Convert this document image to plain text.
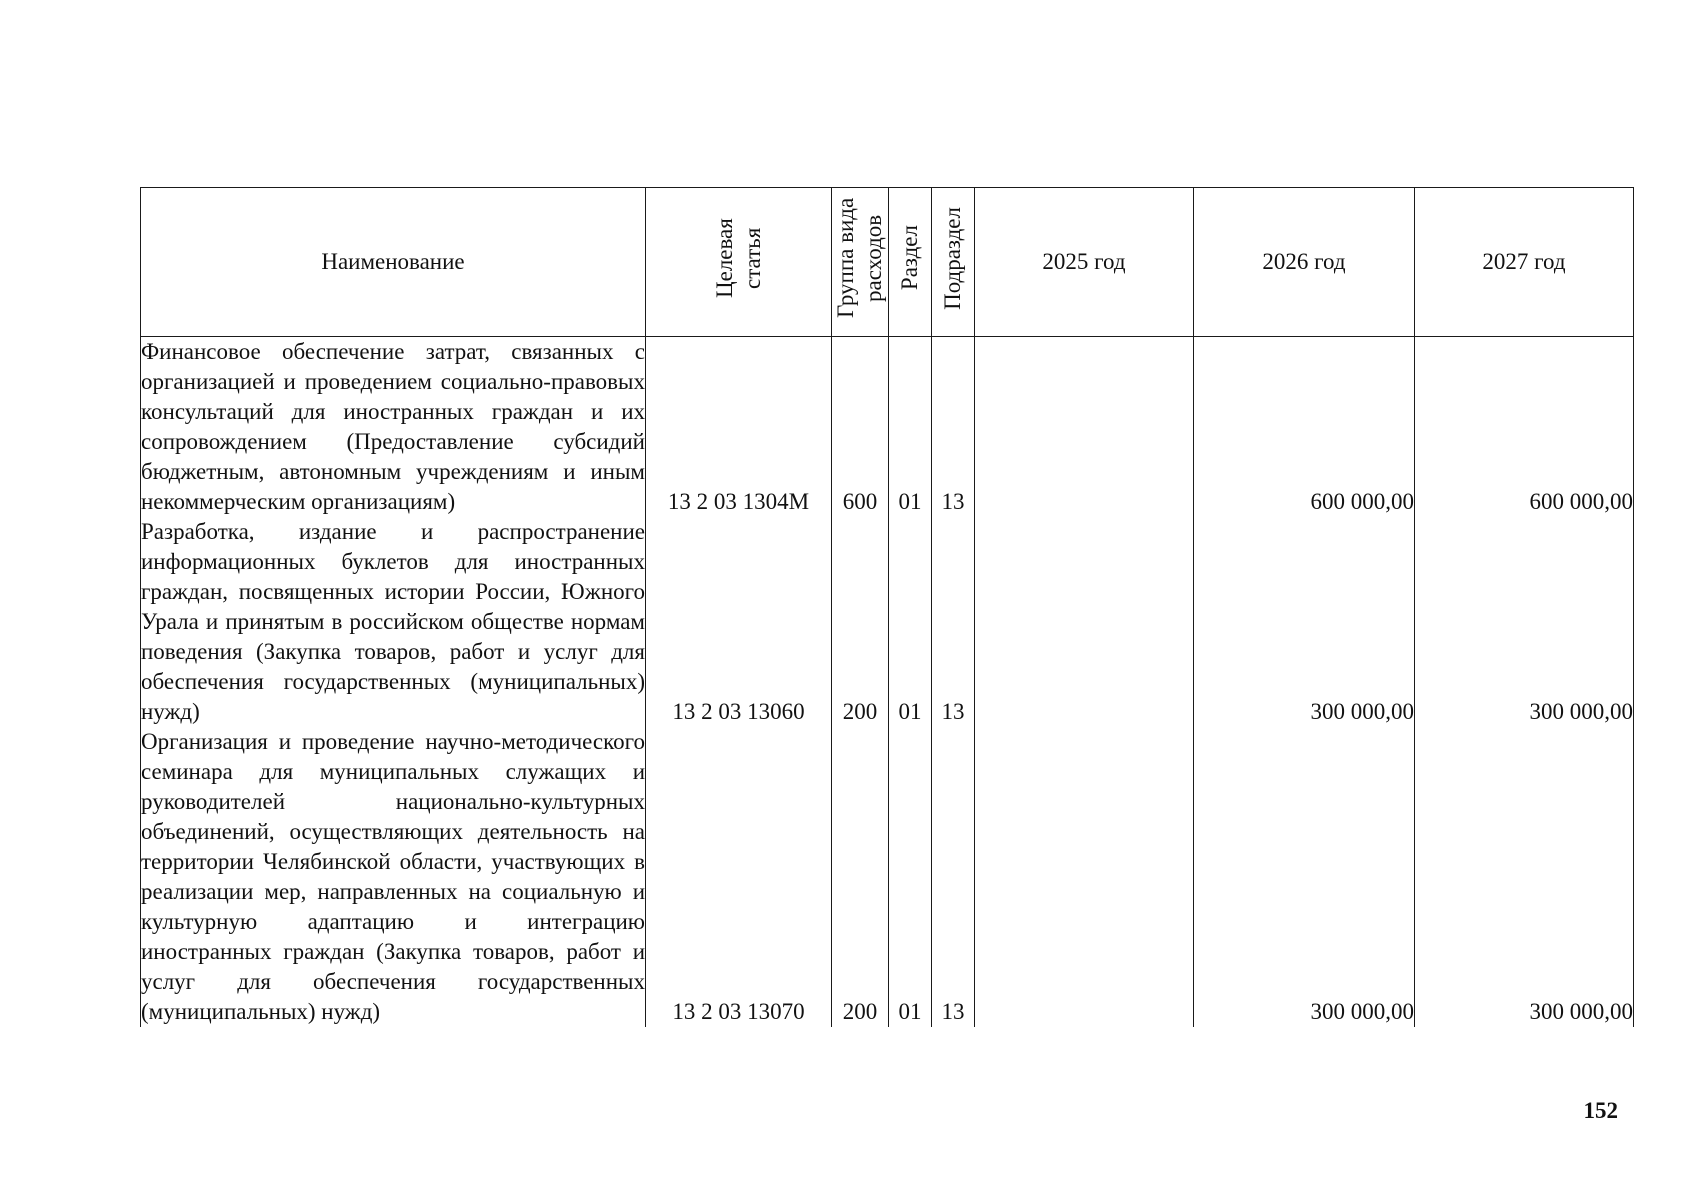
Наименование	Целевая статья	Группа вида расходов	Раздел	Подраздел	2025 год	2026 год	2027 год
Финансовое обеспечение затрат, связанных с организацией и проведением социально-правовых консультаций для иностранных граждан и их сопровождением (Предоставление субсидий бюджетным, автономным учреждениям и иным некоммерческим организациям)	13 2 03 1304М	600	01	13		600 000,00	600 000,00
Разработка, издание и распространение информационных буклетов для иностранных граждан, посвященных истории России, Южного Урала и принятым в российском обществе нормам поведения (Закупка товаров, работ и услуг для обеспечения государственных (муниципальных) нужд)	13 2 03 13060	200	01	13		300 000,00	300 000,00
Организация и проведение научно-методического семинара для муниципальных служащих и руководителей национально-культурных объединений, осуществляющих деятельность на территории Челябинской области, участвующих в реализации мер, направленных на социальную и культурную адаптацию и интеграцию иностранных граждан (Закупка товаров, работ и услуг для обеспечения государственных (муниципальных) нужд)	13 2 03 13070	200	01	13		300 000,00	300 000,00
152
